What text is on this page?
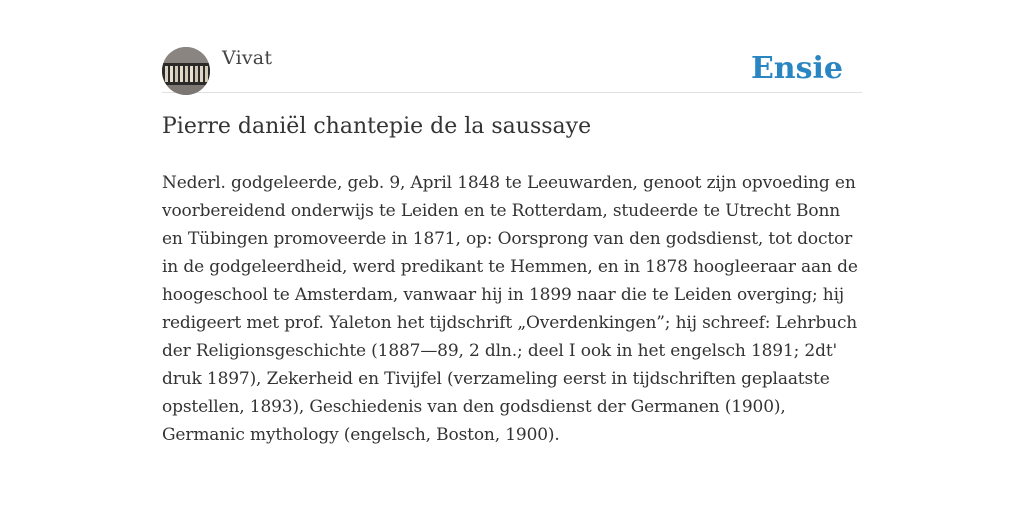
Vivat	Ensie
Pierre daniël chantepie de la saussaye

Nederl. godgeleerde, geb. 9, April 1848 te Leeuwarden, genoot zijn opvoeding en
voorbereidend onderwijs te Leiden en te Rotterdam, studeerde te Utrecht Bonn
en Tübingen promoveerde in 1871, op: Oorsprong van den godsdienst, tot doctor
in de godgeleerdheid, werd predikant te Hemmen, en in 1878 hoogleeraar aan de
hoogeschool te Amsterdam, vanwaar hij in 1899 naar die te Leiden overging; hij
redigeert met prof. Yaleton het tijdschrift „Overdenkingen”; hij schreef: Lehrbuch
der Religionsgeschichte (1887—89, 2 dln.; deel I ook in het engelsch 1891; 2dt'
druk 1897), Zekerheid en Tivijfel (verzameling eerst in tijdschriften geplaatste
opstellen, 1893), Geschiedenis van den godsdienst der Germanen (1900),
Germanic mythology (engelsch, Boston, 1900).
